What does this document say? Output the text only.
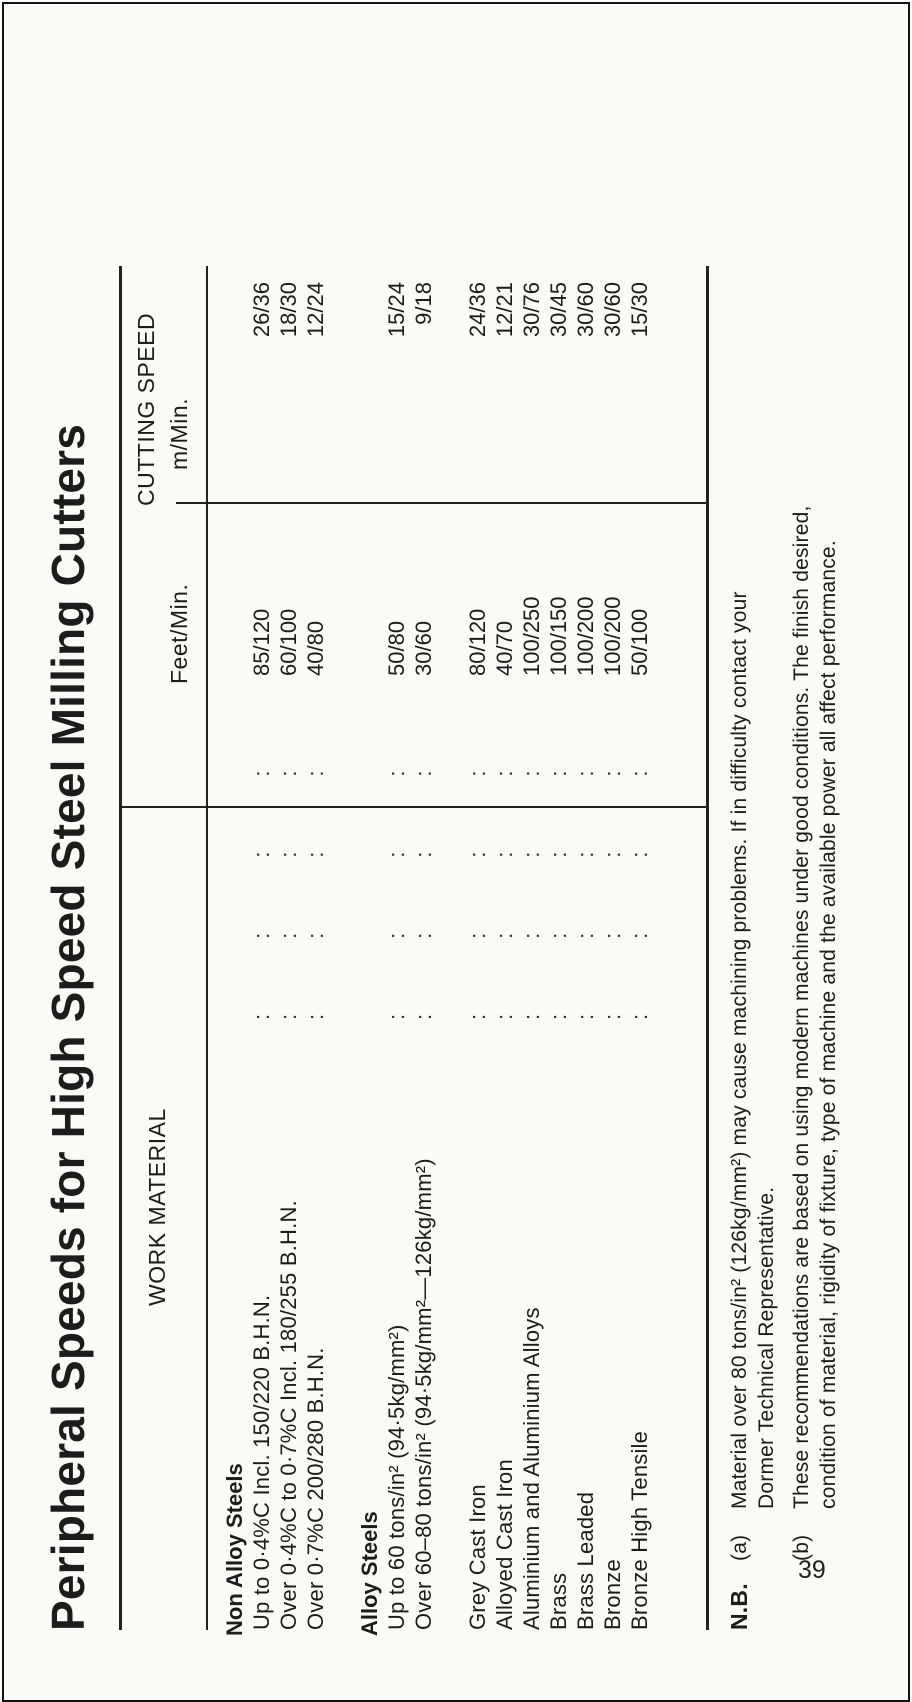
39
Peripheral Speeds for High Speed Steel Milling Cutters WORK MATERIAL
CUTTING SPEED
Feet/Min.
m/Min.
Non Alloy Steels Up to 0·4%C Incl. 150/220 B.H.N.
:         :         :         :
85/120
26/36
Over 0·4%C to 0·7%C Incl. 180/255 B.H.N.
:         :         :         :
60/100
18/30
Over 0·7%C 200/280 B.H.N.
:         :         :         :
40/80
12/24
Alloy Steels Up to 60 tons/in² (94·5kg/mm²)
:         :         :         :
50/80
15/24
Over 60–80 tons/in² (94·5kg/mm²—126kg/mm²)
:         :         :         :
30/60
9/18
Grey Cast Iron
:         :         :         :
80/120
24/36
Alloyed Cast Iron
:         :         :         :
40/70
12/21
Aluminium and Aluminium Alloys
:         :         :         :
100/250
30/76
Brass
:         :         :         :
100/150
30/45
Brass Leaded
:         :         :         :
100/200
30/60
Bronze
:         :         :         :
100/200
30/60
Bronze High Tensile
:         :         :         :
50/100
15/30
N.B.
(a)
Material over 80 tons/in² (126kg/mm²) may cause machining problems. If in difficulty contact your Dormer Technical Representative.
(b)
These recommendations are based on using modern machines under good conditions. The finish desired, condition of material, rigidity of fixture, type of machine and the available power all affect performance.
